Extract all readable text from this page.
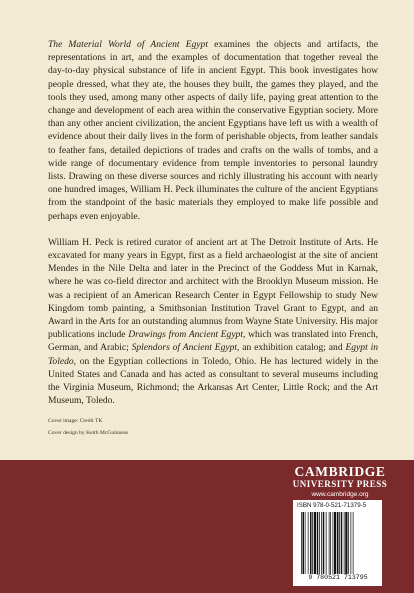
The Material World of Ancient Egypt examines the objects and artifacts, the representations in art, and the examples of documentation that together reveal the day-to-day physical substance of life in ancient Egypt. This book investigates how people dressed, what they ate, the houses they built, the games they played, and the tools they used, among many other aspects of daily life, paying great attention to the change and development of each area within the conservative Egyptian society. More than any other ancient civilization, the ancient Egyptians have left us with a wealth of evidence about their daily lives in the form of perishable objects, from leather sandals to feather fans, detailed depictions of trades and crafts on the walls of tombs, and a wide range of documentary evidence from temple inventories to personal laundry lists. Drawing on these diverse sources and richly illustrating his account with nearly one hundred images, William H. Peck illuminates the culture of the ancient Egyptians from the standpoint of the basic materials they employed to make life possible and perhaps even enjoyable.

William H. Peck is retired curator of ancient art at The Detroit Institute of Arts. He excavated for many years in Egypt, first as a field archaeologist at the site of ancient Mendes in the Nile Delta and later in the Precinct of the Goddess Mut in Karnak, where he was co-field director and architect with the Brooklyn Museum mission. He was a recipient of an American Research Center in Egypt Fellowship to study New Kingdom tomb painting, a Smithsonian Institution Travel Grant to Egypt, and an Award in the Arts for an outstanding alumnus from Wayne State University. His major publications include Drawings from Ancient Egypt, which was translated into French, German, and Arabic; Splendors of Ancient Egypt, an exhibition catalog; and Egypt in Toledo, on the Egyptian collections in Toledo, Ohio. He has lectured widely in the United States and Canada and has acted as consultant to several museums including the Virginia Museum, Richmond; the Arkansas Art Center, Little Rock; and the Art Museum, Toledo.

Cover image: Credit TK
Cover design by Keith McGuinness
CAMBRIDGE
UNIVERSITY PRESS
www.cambridge.org
ISBN 978-0-521-71379-5
9 780521 713795
